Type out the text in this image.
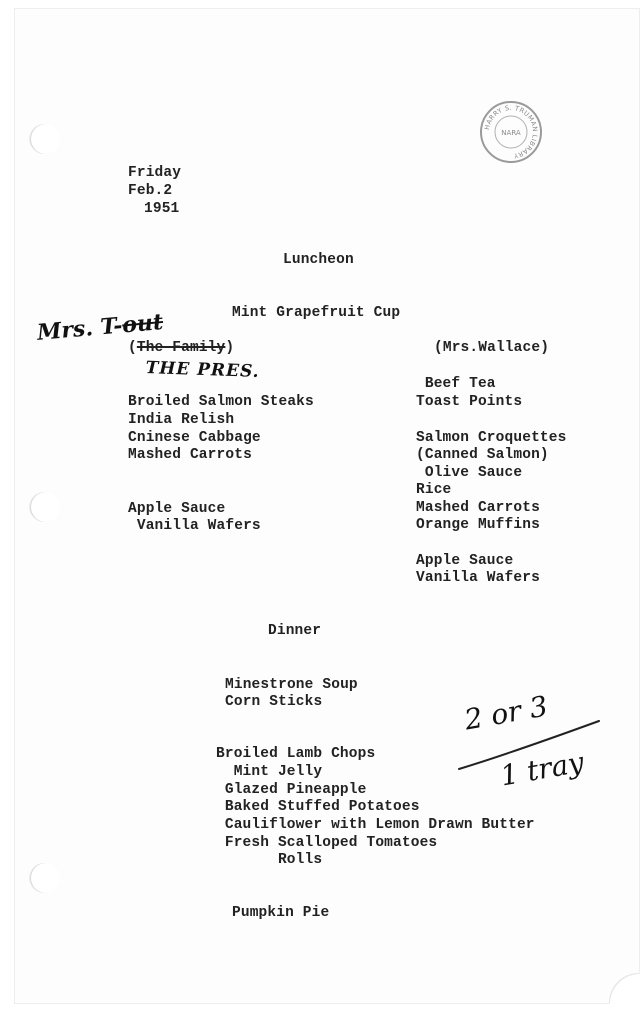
HARRY S. TRUMAN LIBRARY
NARA
Friday
Feb.2
1951
Luncheon
Mint Grapefruit Cup
(The Family)	(Mrs.Wallace)
Broiled Salmon Steaks
India Relish
Cninese Cabbage
Mashed Carrots
Apple Sauce
Vanilla Wafers
Beef Tea
Toast Points
Salmon Croquettes
(Canned Salmon)
Olive Sauce
Rice
Mashed Carrots
Orange Muffins
Apple Sauce
Vanilla Wafers
Dinner
Minestrone Soup
Corn Sticks
Broiled Lamb Chops
Mint Jelly
Glazed Pineapple
Baked Stuffed Potatoes
Cauliflower with Lemon Drawn Butter
Fresh Scalloped Tomatoes
Rolls
Pumpkin Pie
Mrs. T-out
THE PRES.
2 or 3
1 tray
